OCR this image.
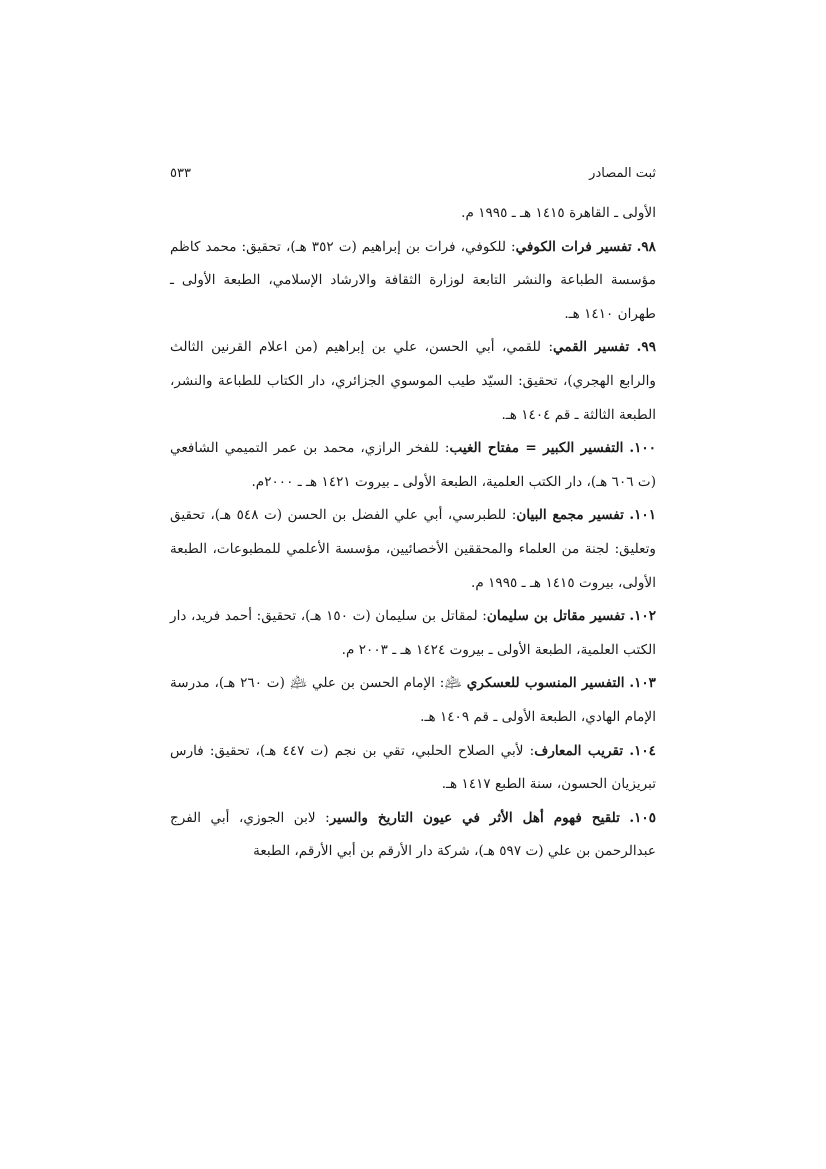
ثبت المصادر
٥٣٣

الأولى ـ القاهرة ١٤١٥ هـ ـ ١٩٩٥ م.

٩٨. تفسير فرات الكوفي: للكوفي، فرات بن إبراهيم (ت ٣٥٢ هـ)، تحقيق: محمد كاظم مؤسسة الطباعة والنشر التابعة لوزارة الثقافة والارشاد الإسلامي، الطبعة الأولى ـ طهران ١٤١٠ هـ.

٩٩. تفسير القمي: للقمي، أبي الحسن، علي بن إبراهيم (من اعلام القرنين الثالث والرابع الهجري)، تحقيق: السيّد طيب الموسوي الجزائري، دار الكتاب للطباعة والنشر، الطبعة الثالثة ـ قم ١٤٠٤ هـ.

١٠٠. التفسير الكبير = مفتاح الغيب: للفخر الرازي، محمد بن عمر التميمي الشافعي (ت ٦٠٦ هـ)، دار الكتب العلمية، الطبعة الأولى ـ بيروت ١٤٢١ هـ ـ ٢٠٠٠م.

١٠١. تفسير مجمع البيان: للطبرسي، أبي علي الفضل بن الحسن (ت ٥٤٨ هـ)، تحقيق وتعليق: لجنة من العلماء والمحققين الأخصائيين، مؤسسة الأعلمي للمطبوعات، الطبعة الأولى، بيروت ١٤١٥ هـ ـ ١٩٩٥ م.

١٠٢. تفسير مقاتل بن سليمان: لمقاتل بن سليمان (ت ١٥٠ هـ)، تحقيق: أحمد فريد، دار الكتب العلمية، الطبعة الأولى ـ بيروت ١٤٢٤ هـ ـ ٢٠٠٣ م.

١٠٣. التفسير المنسوب للعسكري ﵇: الإمام الحسن بن علي ﵇ (ت ٢٦٠ هـ)، مدرسة الإمام الهادي، الطبعة الأولى ـ قم ١٤٠٩ هـ.

١٠٤. تقريب المعارف: لأبي الصلاح الحلبي، تقي بن نجم (ت ٤٤٧ هـ)، تحقيق: فارس تبريزيان الحسون، سنة الطبع ١٤١٧ هـ.

١٠٥. تلقيح فهوم أهل الأثر في عيون التاريخ والسير: لابن الجوزي، أبي الفرج عبدالرحمن بن علي (ت ٥٩٧ هـ)، شركة دار الأرقم بن أبي الأرقم، الطبعة
